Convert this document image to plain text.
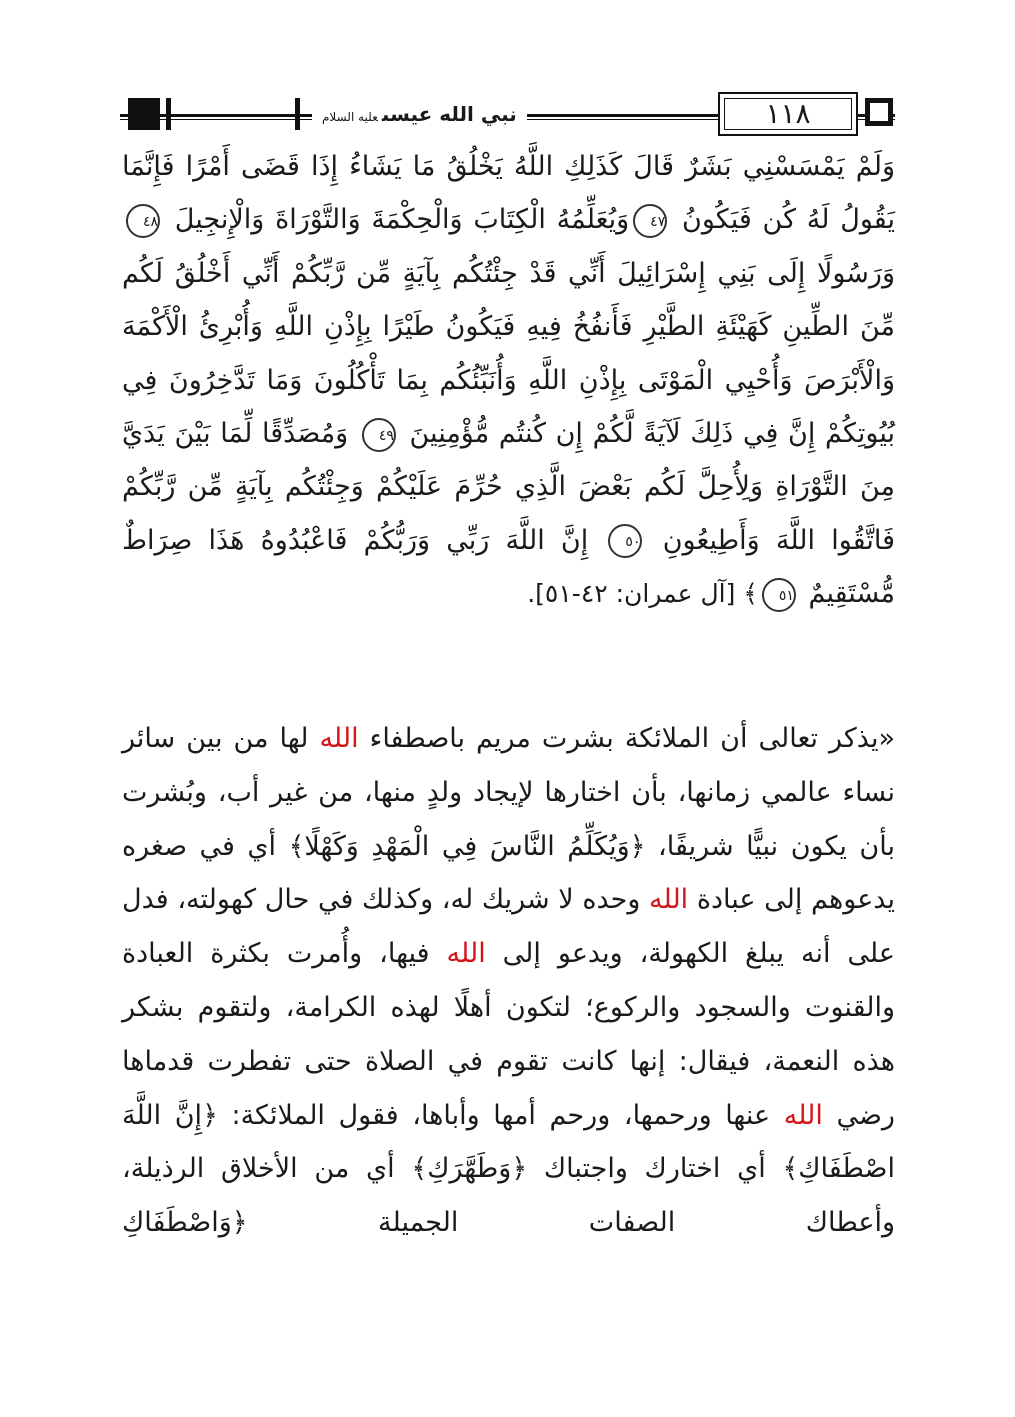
نبي الله عيسىعليه السلام	١١٨

وَلَمْ يَمْسَسْنِي بَشَرٌ قَالَ كَذَلِكِ اللَّهُ يَخْلُقُ مَا يَشَاءُ إِذَا قَضَى أَمْرًا فَإِنَّمَا يَقُولُ لَهُ كُن فَيَكُونُ ٤٧وَيُعَلِّمُهُ الْكِتَابَ وَالْحِكْمَةَ وَالتَّوْرَاةَ وَالْإِنجِيلَ ٤٨وَرَسُولًا إِلَى بَنِي إِسْرَائِيلَ أَنِّي قَدْ جِئْتُكُم بِآيَةٍ مِّن رَّبِّكُمْ أَنِّي أَخْلُقُ لَكُم مِّنَ الطِّينِ كَهَيْئَةِ الطَّيْرِ فَأَنفُخُ فِيهِ فَيَكُونُ طَيْرًا بِإِذْنِ اللَّهِ وَأُبْرِئُ الْأَكْمَهَ وَالْأَبْرَصَ وَأُحْيِي الْمَوْتَى بِإِذْنِ اللَّهِ وَأُنَبِّئُكُم بِمَا تَأْكُلُونَ وَمَا تَدَّخِرُونَ فِي بُيُوتِكُمْ إِنَّ فِي ذَلِكَ لَآيَةً لَّكُمْ إِن كُنتُم مُّؤْمِنِينَ ٤٩ وَمُصَدِّقًا لِّمَا بَيْنَ يَدَيَّ مِنَ التَّوْرَاةِ وَلِأُحِلَّ لَكُم بَعْضَ الَّذِي حُرِّمَ عَلَيْكُمْ وَجِئْتُكُم بِآيَةٍ مِّن رَّبِّكُمْ فَاتَّقُوا اللَّهَ وَأَطِيعُونِ ٥٠ إِنَّ اللَّهَ رَبِّي وَرَبُّكُمْ فَاعْبُدُوهُ هَذَا صِرَاطٌ مُّسْتَقِيمٌ ٥١﴾ [آل عمران: ٤٢-٥١].

«يذكر تعالى أن الملائكة بشرت مريم باصطفاء الله لها من بين سائر نساء عالمي زمانها، بأن اختارها لإيجاد ولدٍ منها، من غير أب، وبُشرت بأن يكون نبيًّا شريفًا، ﴿وَيُكَلِّمُ النَّاسَ فِي الْمَهْدِ وَكَهْلًا﴾ أي في صغره يدعوهم إلى عبادة الله وحده لا شريك له، وكذلك في حال كهولته، فدل على أنه يبلغ الكهولة، ويدعو إلى الله فيها، وأُمرت بكثرة العبادة والقنوت والسجود والركوع؛ لتكون أهلًا لهذه الكرامة، ولتقوم بشكر هذه النعمة، فيقال: إنها كانت تقوم في الصلاة حتى تفطرت قدماها رضي الله عنها ورحمها، ورحم أمها وأباها، فقول الملائكة: ﴿إِنَّ اللَّهَ اصْطَفَاكِ﴾ أي اختارك واجتباك ﴿وَطَهَّرَكِ﴾ أي من الأخلاق الرذيلة، وأعطاك الصفات الجميلة ﴿وَاصْطَفَاكِ
